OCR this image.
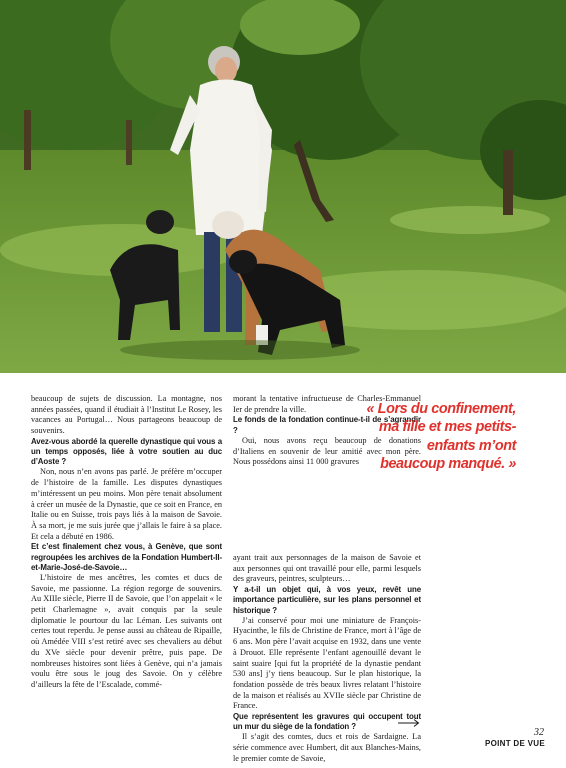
beaucoup de sujets de discussion. La montagne, nos années passées, quand il étudiait à l’Institut Le Rosey, les vacances au Portugal… Nous partageons beaucoup de souvenirs.

Avez-vous abordé la querelle dynastique qui vous a un temps opposés, liée à votre soutien au duc d’Aoste ?

Non, nous n’en avons pas parlé. Je préfère m’occuper de l’histoire de la famille. Les disputes dynastiques m’intéressent un peu moins. Mon père tenait absolument à créer un musée de la Dynastie, que ce soit en France, en Italie ou en Suisse, trois pays liés à la maison de Savoie. À sa mort, je me suis jurée que j’allais le faire à sa place. Et cela a débuté en 1986.

Et c’est finalement chez vous, à Genève, que sont regroupées les archives de la Fondation Humbert-II-et-Marie-José-de-Savoie…

L’histoire de mes ancêtres, les comtes et ducs de Savoie, me passionne. La région regorge de souvenirs. Au XIIIe siècle, Pierre II de Savoie, que l’on appelait « le petit Charlemagne », avait conquis par la seule diplomatie le pourtour du lac Léman. Les suivants ont certes tout reperdu. Je pense aussi au château de Ripaille, où Amédée VIII s’est retiré avec ses chevaliers au début du XVe siècle pour devenir prêtre, puis pape. De nombreuses histoires sont liées à Genève, qui n’a jamais voulu être sous le joug des Savoie. On y célèbre d’ailleurs la fête de l’Escalade, commé-

morant la tentative infructueuse de Charles-Emmanuel Ier de prendre la ville.

Le fonds de la fondation continue-t-il de s’agrandir ?

Oui, nous avons reçu beaucoup de donations d’Italiens en souvenir de leur amitié avec mon père. Nous possédons ainsi 11 000 gravures

ayant trait aux personnages de la maison de Savoie et aux personnes qui ont travaillé pour elle, parmi lesquels des graveurs, peintres, sculpteurs…

Y a-t-il un objet qui, à vos yeux, revêt une importance particulière, sur les plans personnel et historique ?

J’ai conservé pour moi une miniature de François-Hyacinthe, le fils de Christine de France, mort à l’âge de 6 ans. Mon père l’avait acquise en 1932, dans une vente à Drouot. Elle représente l’enfant agenouillé devant le saint suaire [qui fut la propriété de la dynastie pendant 530 ans] j’y tiens beaucoup. Sur le plan historique, la fondation possède de très beaux livres relatant l’histoire de la maison et réalisés au XVIIe siècle par Christine de France.

Que représentent les gravures qui occupent tout un mur du siège de la fondation ?

Il s’agit des comtes, ducs et rois de Sardaigne. La série commence avec Humbert, dit aux Blanches-Mains, le premier comte de Savoie,

« Lors du confinement, ma fille et mes petits-enfants m’ont beaucoup manqué. »
32
POINT DE VUE
